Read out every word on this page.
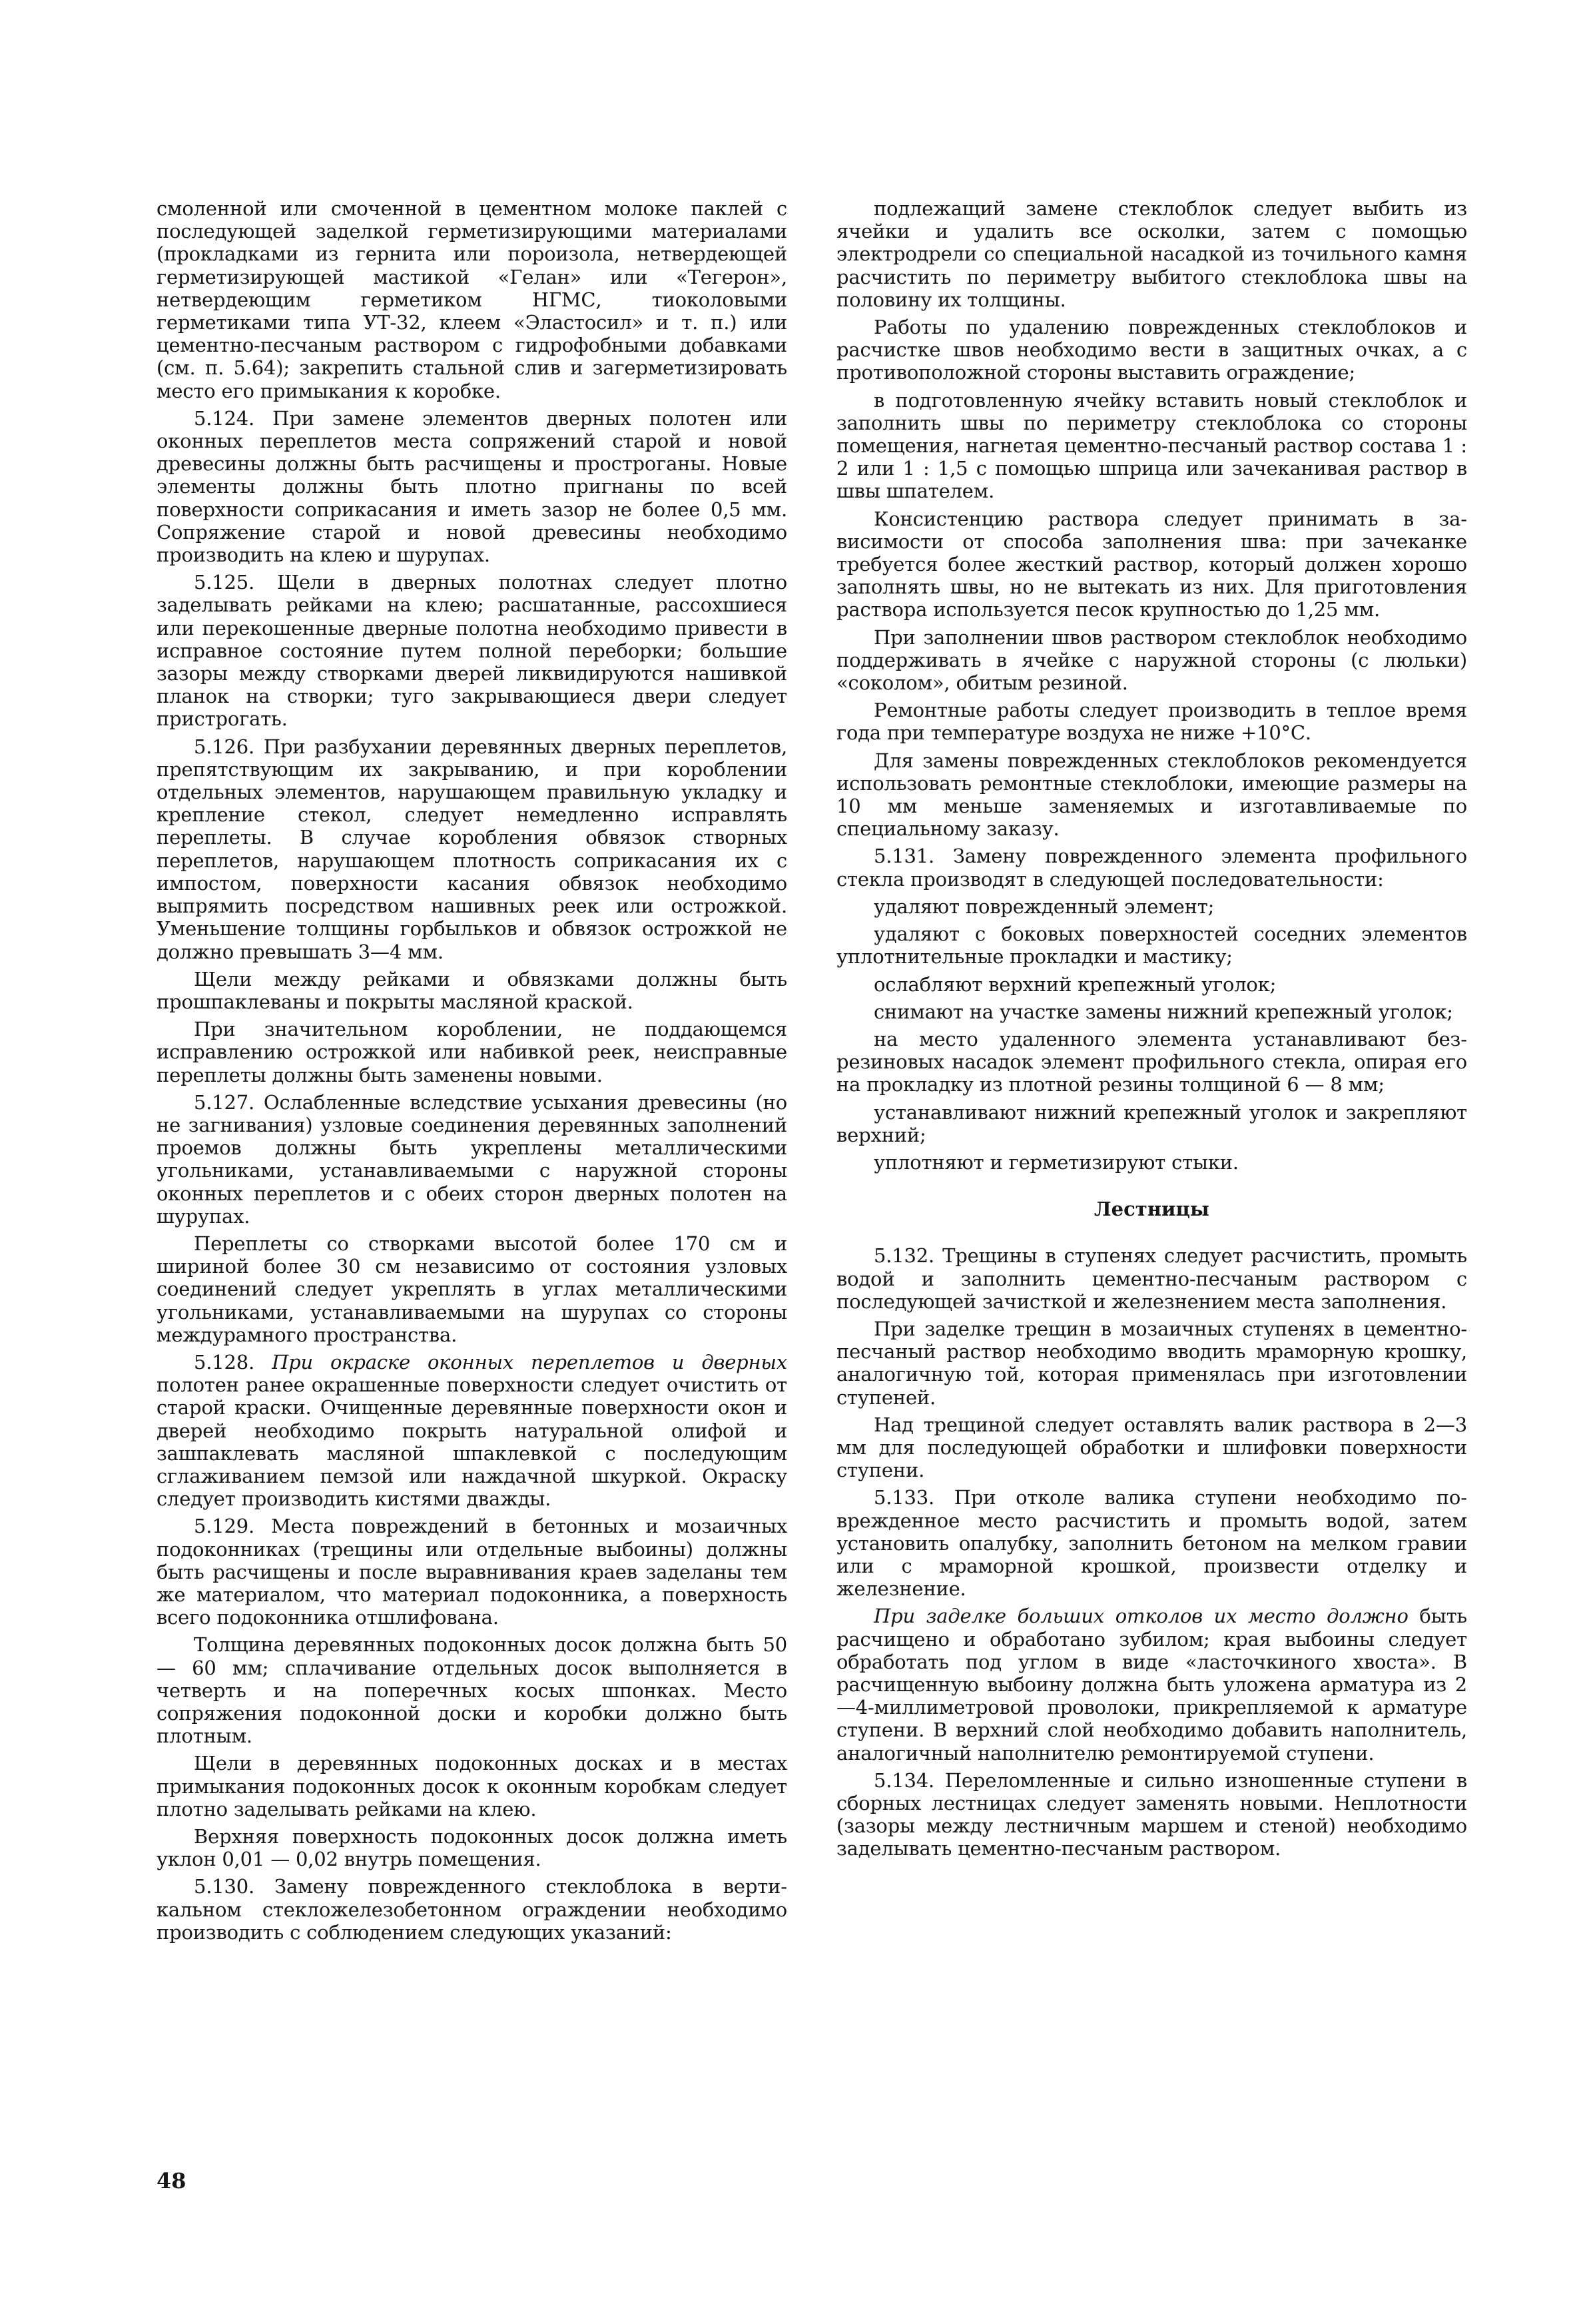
смоленной или смоченной в цементном молоке паклей с последующей заделкой герметизирующими материалами (прокладками из гернита или пороизола, нетвердеющей герметизирующей мастикой «Гелан» или «Тегерон», нетвердеющим герметиком НГМС, тиоколовыми герметиками типа УТ-32, клеем «Эластосил» и т. п.) или цементно-песчаным раствором с гидрофобными добавками (см. п. 5.64); закрепить стальной слив и загерметизировать место его примыкания к коробке.

5.124. При замене элементов дверных полотен или оконных переплетов места сопряжений старой и новой древесины должны быть расчищены и простроганы. Новые элементы должны быть плотно пригнаны по всей поверхности соприкасания и иметь зазор не более 0,5 мм. Сопряжение старой и новой древесины необходимо производить на клею и шурупах.

5.125. Щели в дверных полотнах следует плотно заделывать рейками на клею; расшатанные, рассохшиеся или перекошенные дверные полотна необходимо привести в исправное состояние путем полной переборки; большие зазоры между створками дверей ликвидируются нашивкой планок на створки; туго закрывающиеся двери следует пристрогать.

5.126. При разбухании деревянных дверных переплетов, препятствующим их закрыванию, и при короблении отдельных элементов, нарушающем правильную укладку и крепление стекол, следует немедленно исправлять переплеты. В случае коробления обвязок створных переплетов, нарушающем плотность соприкасания их с импостом, поверхности касания обвязок необходимо выпрямить посредством нашивных реек или острожкой. Уменьшение толщины горбыльков и обвязок острожкой не должно превышать 3—4 мм.

Щели между рейками и обвязками должны быть прошпаклеваны и покрыты масляной краской.

При значительном короблении, не поддающемся исправлению острожкой или набивкой реек, неисправные переплеты должны быть заменены новыми.

5.127. Ослабленные вследствие усыхания древесины (но не загнивания) узловые соединения деревянных заполнений проемов должны быть укреплены металлическими угольниками, устанавливаемыми с наружной стороны оконных переплетов и с обеих сторон дверных полотен на шурупах.

Переплеты со створками высотой более 170 см и шириной более 30 см независимо от состояния узловых соединений следует укреплять в углах металлическими угольниками, устанавливаемыми на шурупах со стороны междурамного пространства.

5.128. При окраске оконных переплетов и дверных полотен ранее окрашенные поверхности следует очистить от старой краски. Очищенные деревянные поверхности окон и дверей необходимо покрыть натуральной олифой и зашпаклевать масляной шпаклевкой с последующим сглаживанием пемзой или наждачной шкуркой. Окраску следует производить кистями дважды.

5.129. Места повреждений в бетонных и мозаичных подоконниках (трещины или отдельные выбоины) должны быть расчищены и после выравнивания краев заделаны тем же материалом, что материал подоконника, а поверхность всего подоконника отшлифована.

Толщина деревянных подоконных досок должна быть 50 — 60 мм; сплачивание отдельных досок выполняется в четверть и на поперечных косых шпонках. Место сопряжения подоконной доски и коробки должно быть плотным.

Щели в деревянных подоконных досках и в местах примыкания подоконных досок к оконным коробкам следует плотно заделывать рейками на клею.

Верхняя поверхность подоконных досок должна иметь уклон 0,01 — 0,02 внутрь помещения.

5.130. Замену поврежденного стеклоблока в вертикальном стекложелезобетонном ограждении необходимо производить с соблюдением следующих указаний:

подлежащий замене стеклоблок следует выбить из ячейки и удалить все осколки, затем с помощью электродрели со специальной насадкой из точильного камня расчистить по периметру выбитого стеклоблока швы на половину их толщины.

Работы по удалению поврежденных стеклоблоков и расчистке швов необходимо вести в защитных очках, а с противоположной стороны выставить ограждение;

в подготовленную ячейку вставить новый стеклоблок и заполнить швы по периметру стеклоблока со стороны помещения, нагнетая цементно-песчаный раствор состава 1 : 2 или 1 : 1,5 с помощью шприца или зачеканивая раствор в швы шпателем.

Консистенцию раствора следует принимать в зависимости от способа заполнения шва: при зачеканке требуется более жесткий раствор, который должен хорошо заполнять швы, но не вытекать из них. Для приготовления раствора используется песок крупностью до 1,25 мм.

При заполнении швов раствором стеклоблок необходимо поддерживать в ячейке с наружной стороны (с люльки) «соколом», обитым резиной.

Ремонтные работы следует производить в теплое время года при температуре воздуха не ниже +10°С.

Для замены поврежденных стеклоблоков рекомендуется использовать ремонтные стеклоблоки, имеющие размеры на 10 мм меньше заменяемых и изготавливаемые по специальному заказу.

5.131. Замену поврежденного элемента профильного стекла производят в следующей последовательности:

удаляют поврежденный элемент;

удаляют с боковых поверхностей соседних элементов уплотнительные прокладки и мастику;

ослабляют верхний крепежный уголок;

снимают на участке замены нижний крепежный уголок;

на место удаленного элемента устанавливают безрезиновых насадок элемент профильного стекла, опирая его на прокладку из плотной резины толщиной 6 — 8 мм;

устанавливают нижний крепежный уголок и закрепляют верхний;

уплотняют и герметизируют стыки.

Лестницы

5.132. Трещины в ступенях следует расчистить, промыть водой и заполнить цементно-песчаным раствором с последующей зачисткой и железнением места заполнения.

При заделке трещин в мозаичных ступенях в цементно-песчаный раствор необходимо вводить мраморную крошку, аналогичную той, которая применялась при изготовлении ступеней.

Над трещиной следует оставлять валик раствора в 2—3 мм для последующей обработки и шлифовки поверхности ступени.

5.133. При отколе валика ступени необходимо поврежденное место расчистить и промыть водой, затем установить опалубку, заполнить бетоном на мелком гравии или с мраморной крошкой, произвести отделку и железнение.

При заделке больших отколов их место должно быть расчищено и обработано зубилом; края выбоины следует обработать под углом в виде «ласточкиного хвоста». В расчищенную выбоину должна быть уложена арматура из 2—4-миллиметровой проволоки, прикрепляемой к арматуре ступени. В верхний слой необходимо добавить наполнитель, аналогичный наполнителю ремонтируемой ступени.

5.134. Переломленные и сильно изношенные ступени в сборных лестницах следует заменять новыми. Неплотности (зазоры между лестничным маршем и стеной) необходимо заделывать цементно-песчаным раствором.

48
